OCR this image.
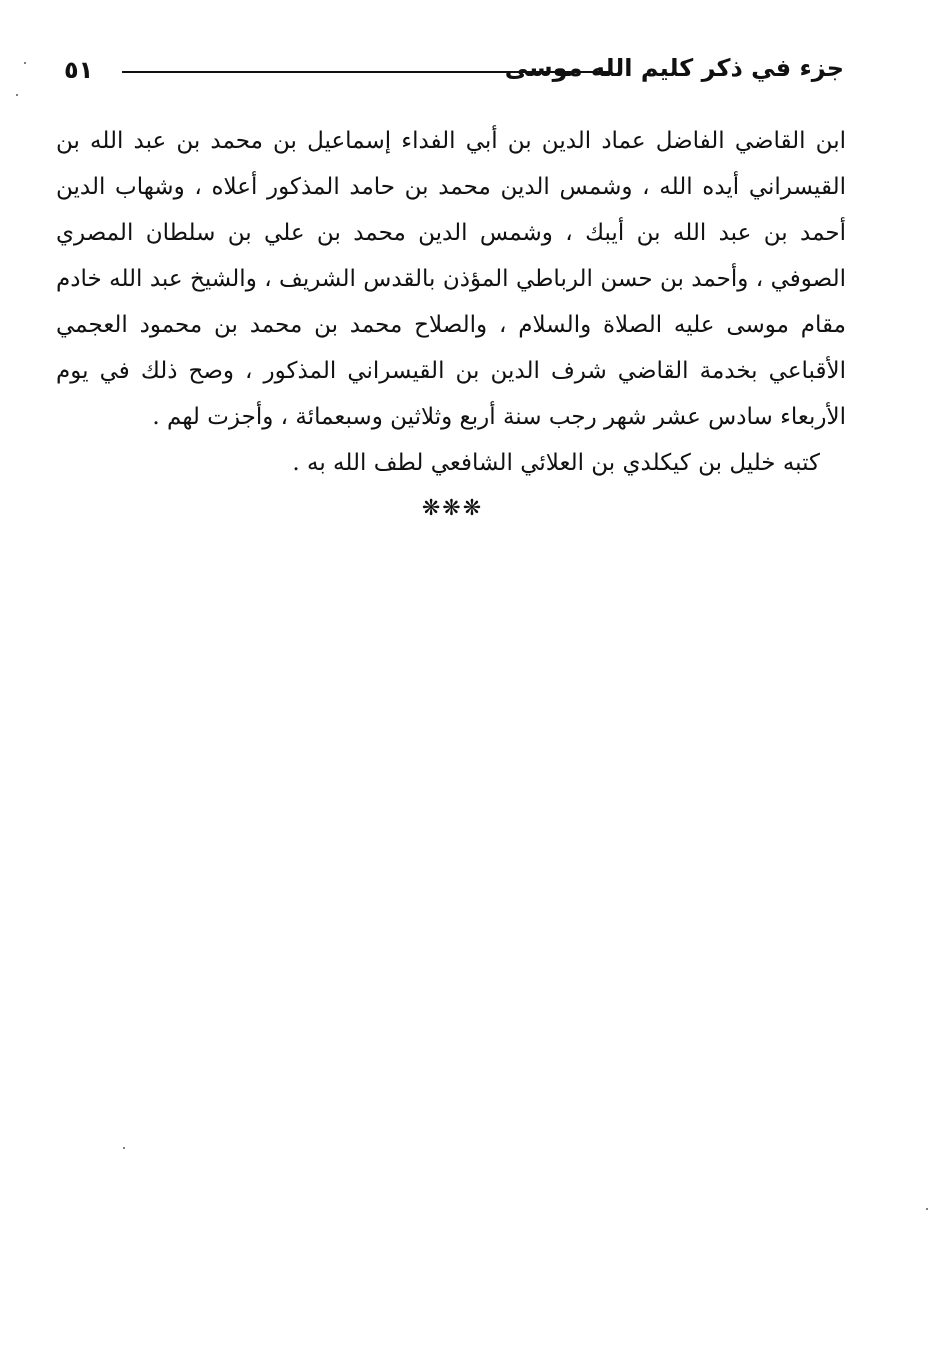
٥١	جزء في ذكر كليم الله موسى
ابن القاضي الفاضل عماد الدين بن أبي الفداء إسماعيل بن محمد بن عبد الله بن
القيسراني أيده الله ، وشمس الدين محمد بن حامد المذكور أعلاه ، وشهاب الدين
أحمد بن عبد الله بن أيبك ، وشمس الدين محمد بن علي بن سلطان المصري
الصوفي ، وأحمد بن حسن الرباطي المؤذن بالقدس الشريف ، والشيخ عبد الله خادم
مقام موسى عليه الصلاة والسلام ، والصلاح محمد بن محمد بن محمود العجمي
الأقباعي بخدمة القاضي شرف الدين بن القيسراني المذكور ، وصح ذلك في يوم
الأربعاء سادس عشر شهر رجب سنة أربع وثلاثين وسبعمائة ، وأجزت لهم .
كتبه خليل بن كيكلدي بن العلائي الشافعي لطف الله به .
❋❋❋
